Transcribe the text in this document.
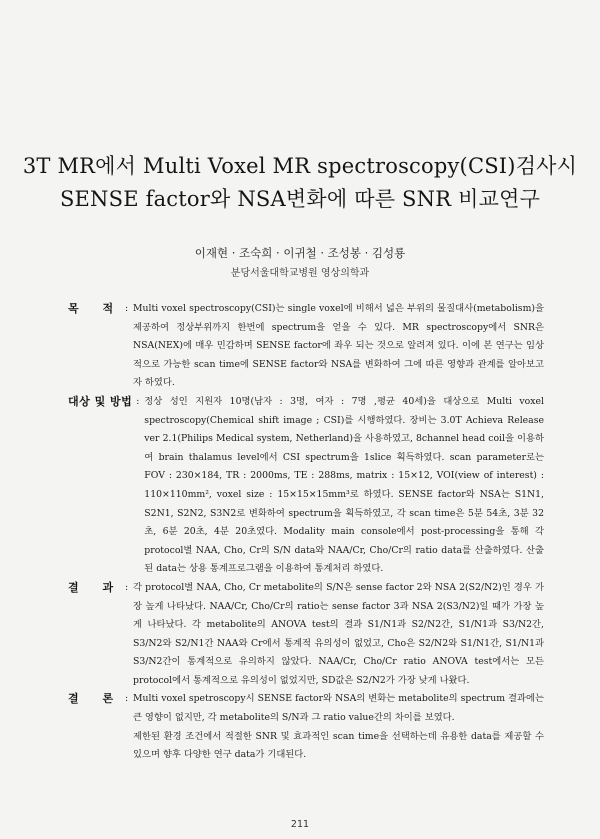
3T MR에서 Multi Voxel MR spectroscopy(CSI)검사시
SENSE factor와 NSA변화에 따른 SNR 비교연구
이재현 · 조숙희 · 이귀철 · 조성봉 · 김성룡
분당서울대학교병원 영상의학과
목 적 : Multi voxel spectroscopy(CSI)는 single voxel에 비해서 넓은 부위의 물질대사(metabolism)을 제공하여 정상부위까지 한번에 spectrum을 얻을 수 있다. MR spectroscopy에서 SNR은 NSA(NEX)에 매우 민감하며 SENSE factor에 좌우 되는 것으로 알려져 있다. 이에 본 연구는 임상적으로 가능한 scan time에 SENSE factor와 NSA를 변화하여 그에 따른 영향과 관계를 알아보고자 하였다.
대상 및 방법 : 정상 성인 지원자 10명(남자 : 3명, 여자 : 7명 ,평균 40세)을 대상으로 Multi voxel spectroscopy(Chemical shift image ; CSI)를 시행하였다. 장비는 3.0T Achieva Release ver 2.1(Philips Medical system, Netherland)을 사용하였고, 8channel head coil을 이용하여 brain thalamus level에서 CSI spectrum을 1slice 획득하였다. scan parameter로는 FOV : 230×184, TR : 2000ms, TE : 288ms, matrix : 15×12, VOI(view of interest) : 110×110mm², voxel size : 15×15×15mm³로 하였다. SENSE factor와 NSA는 S1N1, S2N1, S2N2, S3N2로 변화하여 spectrum을 획득하였고, 각 scan time은 5분 54초, 3분 32초, 6분 20초, 4분 20초였다. Modality main console에서 post-processing을 통해 각 protocol별 NAA, Cho, Cr의 S/N data와 NAA/Cr, Cho/Cr의 ratio data를 산출하였다. 산출된 data는 상용 통계프로그램을 이용하여 통계처리 하였다.
결 과 : 각 protocol별 NAA, Cho, Cr metabolite의 S/N은 sense factor 2와 NSA 2(S2/N2)인 경우 가장 높게 나타났다. NAA/Cr, Cho/Cr의 ratio는 sense factor 3과 NSA 2(S3/N2)일 때가 가장 높게 나타났다. 각 metabolite의 ANOVA test의 결과 S1/N1과 S2/N2간, S1/N1과 S3/N2간, S3/N2와 S2/N1간 NAA와 Cr에서 통계적 유의성이 없었고, Cho은 S2/N2와 S1/N1간, S1/N1과 S3/N2간이 통계적으로 유의하지 않았다. NAA/Cr, Cho/Cr ratio ANOVA test에서는 모든 protocol에서 통계적으로 유의성이 없었지만, SD값은 S2/N2가 가장 낮게 나왔다.
결 론 : Multi voxel spetroscopy시 SENSE factor와 NSA의 변화는 metabolite의 spectrum 결과에는 큰 영향이 없지만, 각 metabolite의 S/N과 그 ratio value간의 차이를 보였다.
제한된 환경 조건에서 적절한 SNR 및 효과적인 scan time을 선택하는데 유용한 data를 제공할 수 있으며 향후 다양한 연구 data가 기대된다.
211
